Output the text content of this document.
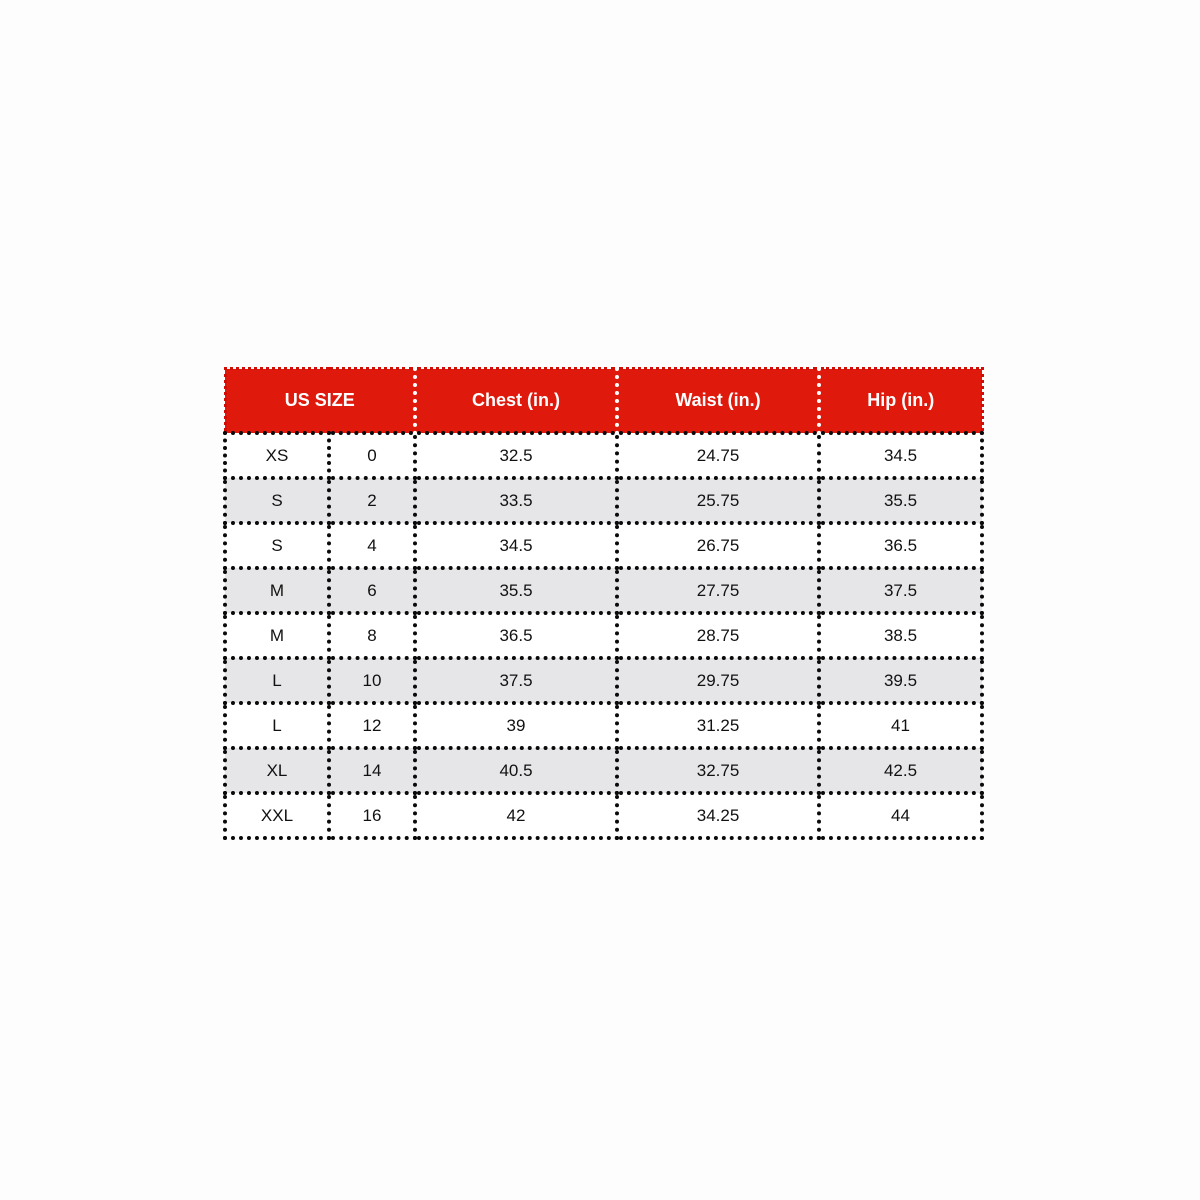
US SIZE		Chest (in.)	Waist (in.)	Hip (in.)
XS	0	32.5	24.75	34.5
S	2	33.5	25.75	35.5
S	4	34.5	26.75	36.5
M	6	35.5	27.75	37.5
M	8	36.5	28.75	38.5
L	10	37.5	29.75	39.5
L	12	39	31.25	41
XL	14	40.5	32.75	42.5
XXL	16	42	34.25	44
